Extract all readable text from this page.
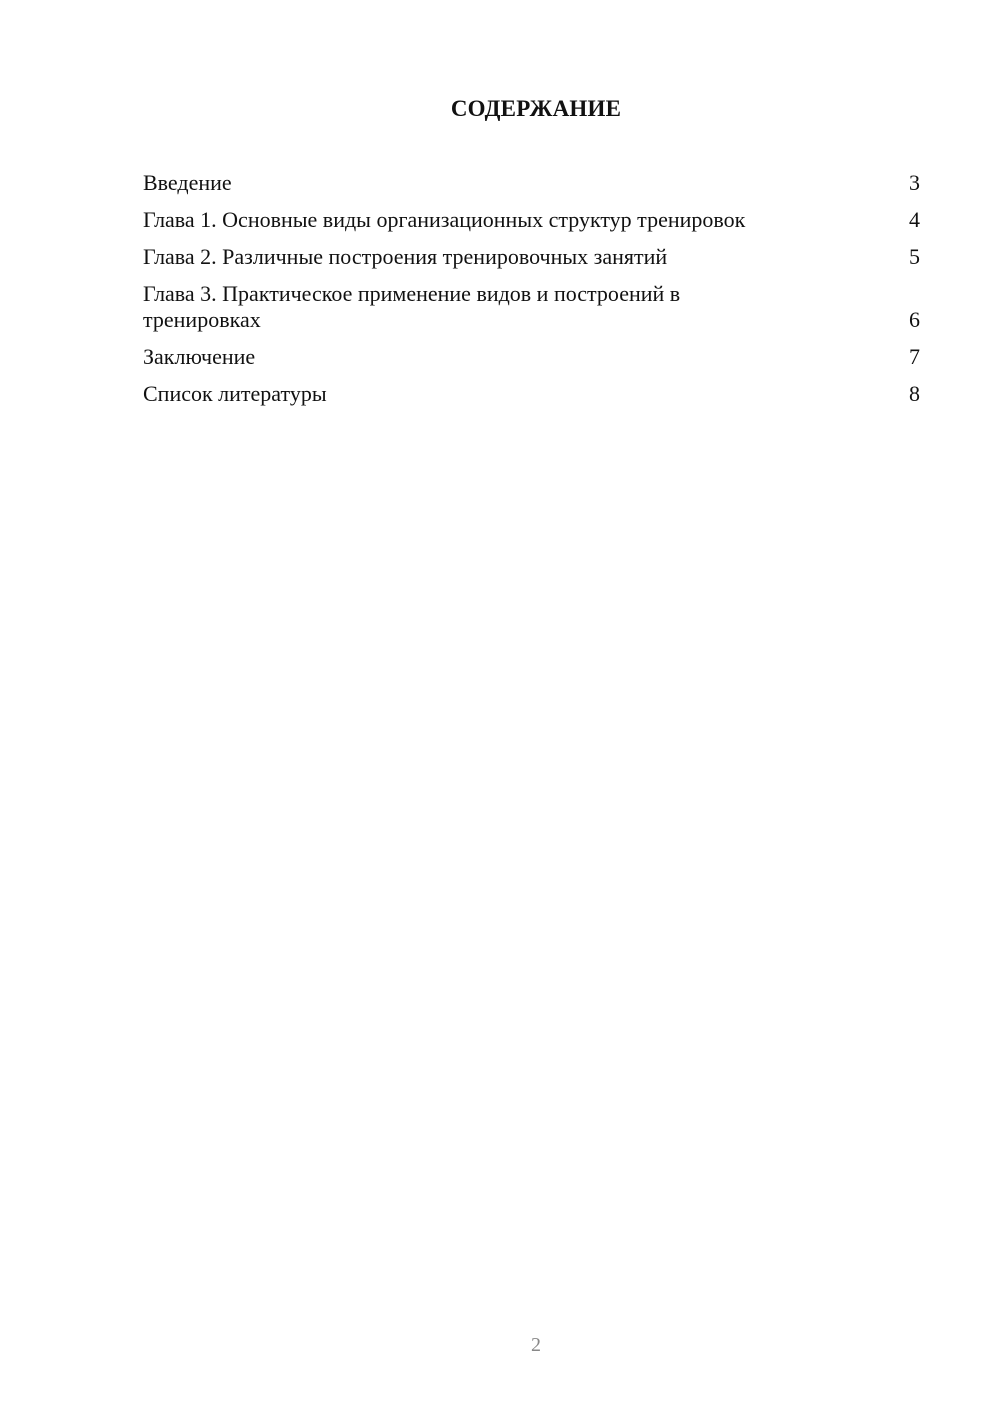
СОДЕРЖАНИЕ
Введение	3
Глава 1. Основные виды организационных структур тренировок	4
Глава 2. Различные построения тренировочных занятий	5
Глава 3. Практическое применение видов и построений в тренировках	6
Заключение	7
Список литературы	8
2
